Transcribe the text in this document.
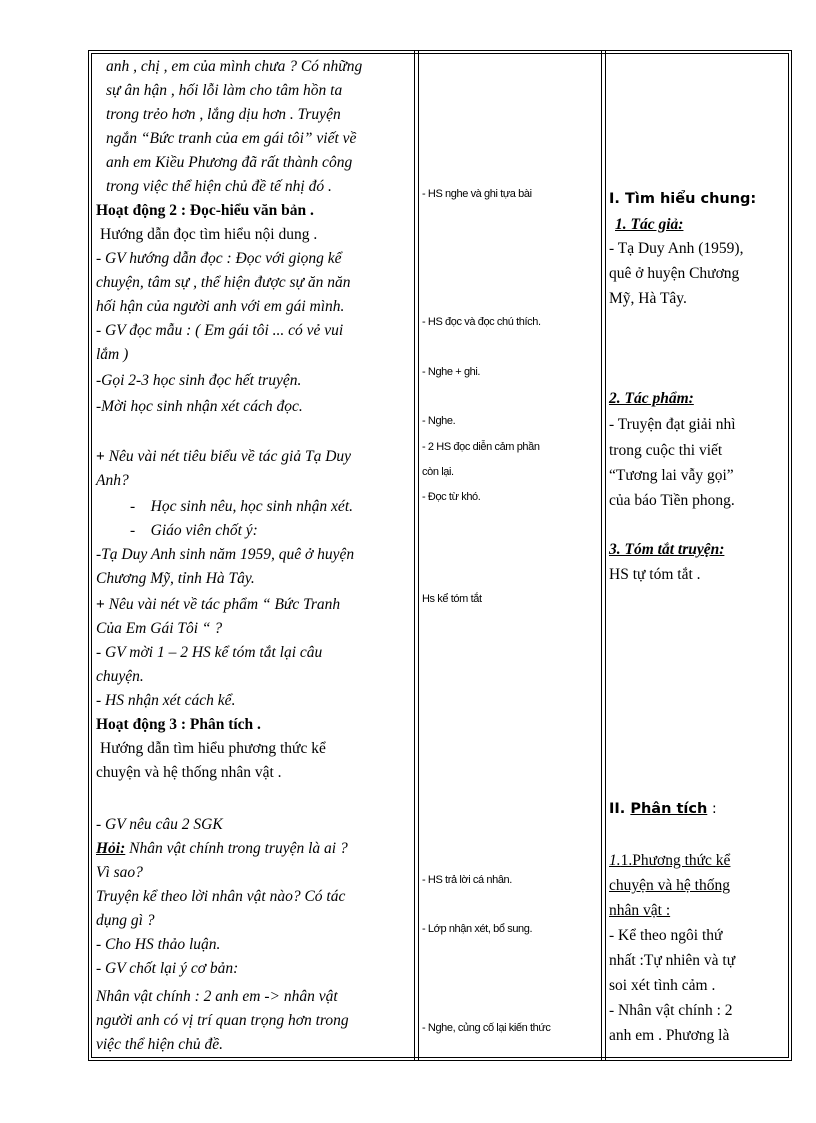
anh , chị , em của mình chưa ? Có những
sự ân hận , hối lỗi làm cho tâm hồn ta
trong trẻo hơn , lắng dịu hơn . Truyện
ngắn “Bức tranh của em gái tôi” viết về
anh em Kiều Phương đã rất thành công
trong việc thể hiện chủ đề tế nhị đó .
Hoạt động 2 : Đọc-hiểu văn bản .
Hướng dẫn đọc tìm hiểu nội dung .
- GV hướng dẫn đọc : Đọc với giọng kể
chuyện, tâm sự , thể hiện được sự ăn năn
hối hận của người anh với em gái mình.
- GV đọc mẫu : ( Em gái tôi ... có vẻ vui
lắm )
-Gọi 2-3 học sinh đọc hết truyện.
-Mời học sinh nhận xét cách đọc.
+ Nêu vài nét tiêu biểu về tác giả Tạ Duy
Anh?
-    Học sinh nêu, học sinh nhận xét.
-    Giáo viên chốt ý:
-Tạ Duy Anh sinh năm 1959, quê ở huyện
Chương Mỹ, tỉnh Hà Tây.
+ Nêu vài nét về tác phẩm “ Bức Tranh
Của Em Gái Tôi “ ?
- GV mời 1 – 2 HS kể tóm tắt lại câu
chuyện.
- HS nhận xét cách kể.
Hoạt động 3 : Phân tích .
Hướng dẫn tìm hiểu phương thức kể
chuyện và hệ thống nhân vật .
- GV nêu câu 2 SGK
Hỏi: Nhân vật chính trong truyện là ai ?
Vì sao?
Truyện kể theo lời nhân vật nào? Có tác
dụng gì ?
- Cho HS thảo luận.
- GV chốt lại ý cơ bản:
Nhân vật chính : 2 anh em -> nhân vật
người anh có vị trí quan trọng hơn trong
việc thể hiện chủ đề.
- HS nghe và ghi tựa bài
- HS đọc và đọc chú thích.
- Nghe + ghi.
- Nghe.
- 2 HS đọc diễn cảm phần
còn lại.
- Đọc từ khó.
Hs kể tóm tắt
- HS trả lời cá nhân.
- Lớp nhận xét, bổ sung.
- Nghe, củng cố lại kiến thức
I. Tìm hiểu chung:
1. Tác giả:
- Tạ Duy Anh (1959),
quê ở huyện Chương
Mỹ, Hà Tây.
2. Tác phẩm:
- Truyện đạt giải nhì
trong cuộc thi viết
“Tương lai vẫy gọi”
của báo Tiền phong.
3. Tóm tắt truyện:
HS tự tóm tắt .
II. Phân tích :
1.1.Phương thức kể
chuyện và hệ thống
nhân vật :
- Kể theo ngôi thứ
nhất :Tự nhiên và tự
soi xét tình cảm .
- Nhân vật chính : 2
anh em . Phương là
